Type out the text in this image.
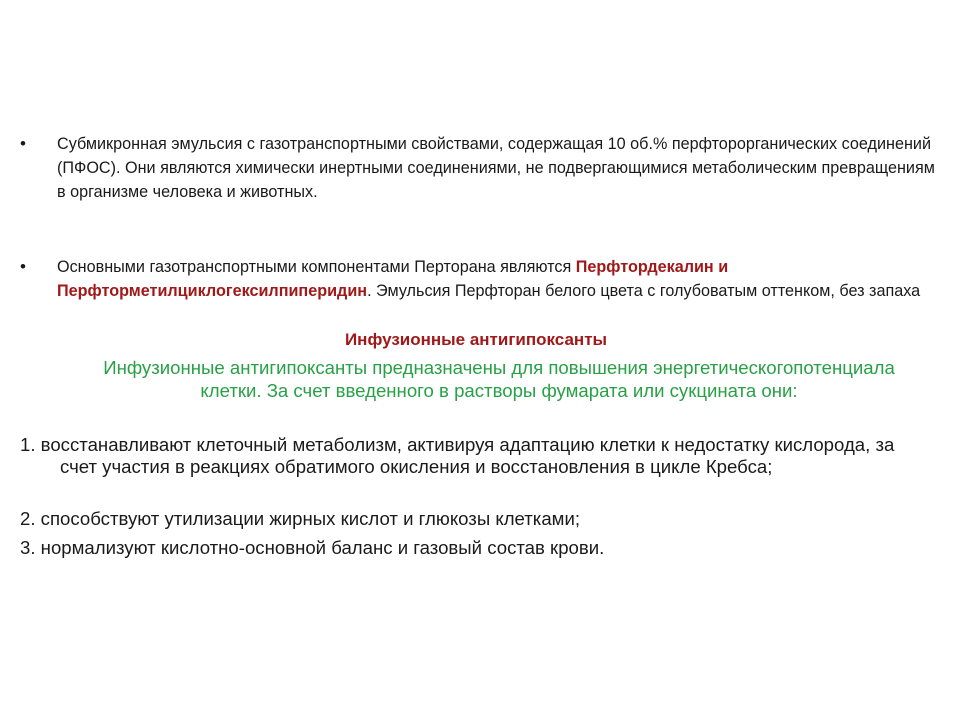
• Субмикронная эмульсия с газотранспортными свойствами, содержащая 10 об.% перфторорганических соединений (ПФОС). Они являются химически инертными соединениями, не подвергающимися метаболическим превращениям в организме человека и животных.
• Основными газотранспортными компонентами Перторана являются Перфтордекалин и Перфторметилциклогексилпиперидин. Эмульсия Перфторан белого цвета с голубоватым оттенком, без запаха
Инфузионные антигипоксанты
Инфузионные антигипоксанты предназначены для повышения энергетическогопотенциала клетки. За счет введенного в растворы фумарата или сукцината они:
1. восстанавливают клеточный метаболизм, активируя адаптацию клетки к недостатку кислорода, за счет участия в реакциях обратимого окисления и восстановления в цикле Кребса;
2. способствуют утилизации жирных кислот и глюкозы клетками;
3. нормализуют кислотно-основной баланс и газовый состав крови.
